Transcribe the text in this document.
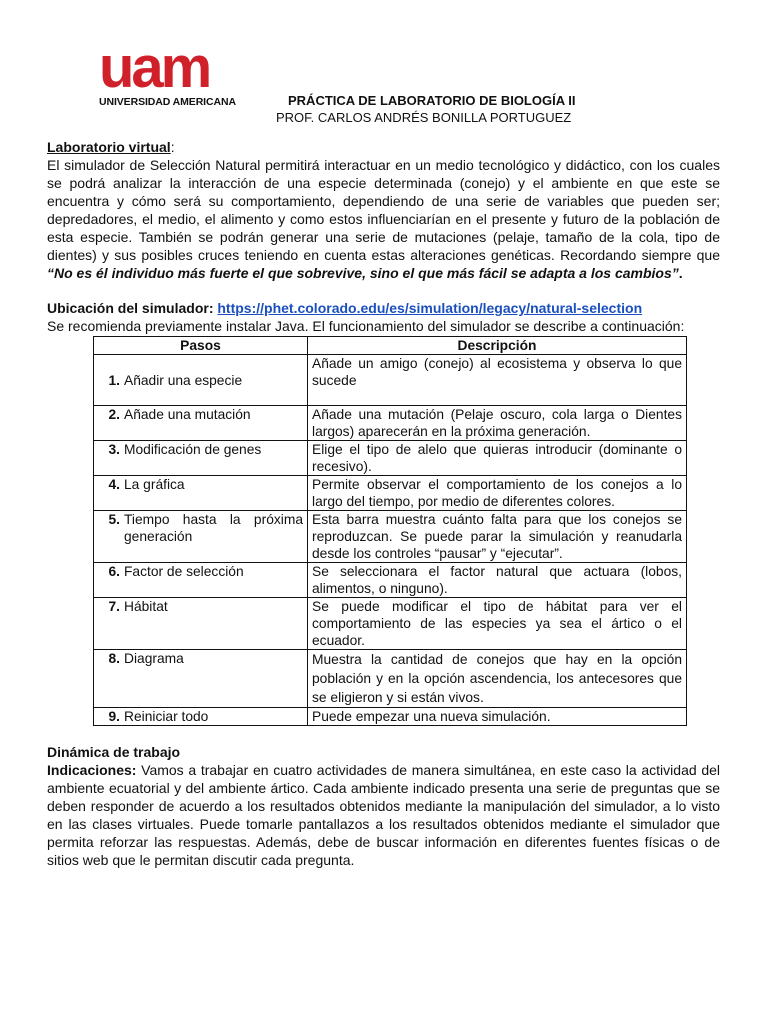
uam
UNIVERSIDAD AMERICANA	PRÁCTICA DE LABORATORIO DE BIOLOGÍA II
PROF. CARLOS ANDRÉS BONILLA PORTUGUEZ
Laboratorio virtual:
El simulador de Selección Natural permitirá interactuar en un medio tecnológico y didáctico, con los cuales se podrá analizar la interacción de una especie determinada (conejo) y el ambiente en que este se encuentra y cómo será su comportamiento, dependiendo de una serie de variables que pueden ser; depredadores, el medio, el alimento y como estos influenciarían en el presente y futuro de la población de esta especie. También se podrán generar una serie de mutaciones (pelaje, tamaño de la cola, tipo de dientes) y sus posibles cruces teniendo en cuenta estas alteraciones genéticas. Recordando siempre que “No es él individuo más fuerte el que sobrevive, sino el que más fácil se adapta a los cambios”.
Ubicación del simulador: https://phet.colorado.edu/es/simulation/legacy/natural-selection
Se recomienda previamente instalar Java. El funcionamiento del simulador se describe a continuación:
Pasos	Descripción

1. Añadir una especie	Añade un amigo (conejo) al ecosistema y observa lo que sucede

2. Añade una mutación	Añade una mutación (Pelaje oscuro, cola larga o Dientes largos) aparecerán en la próxima generación.

3. Modificación de genes	Elige el tipo de alelo que quieras introducir (dominante o recesivo).

4. La gráfica	Permite observar el comportamiento de los conejos a lo largo del tiempo, por medio de diferentes colores.

5. Tiempo hasta la próxima generación	Esta barra muestra cuánto falta para que los conejos se reproduzcan. Se puede parar la simulación y reanudarla desde los controles “pausar” y “ejecutar”.

6. Factor de selección	Se seleccionara el factor natural que actuara (lobos, alimentos, o ninguno).

7. Hábitat	Se puede modificar el tipo de hábitat para ver el comportamiento de las especies ya sea el ártico o el ecuador.

8. Diagrama	Muestra la cantidad de conejos que hay en la opción población y en la opción ascendencia, los antecesores que se eligieron y si están vivos.

9. Reiniciar todo	Puede empezar una nueva simulación.
Dinámica de trabajo
Indicaciones: Vamos a trabajar en cuatro actividades de manera simultánea, en este caso la actividad del ambiente ecuatorial y del ambiente ártico. Cada ambiente indicado presenta una serie de preguntas que se deben responder de acuerdo a los resultados obtenidos mediante la manipulación del simulador, a lo visto en las clases virtuales. Puede tomarle pantallazos a los resultados obtenidos mediante el simulador que permita reforzar las respuestas. Además, debe de buscar información en diferentes fuentes físicas o de sitios web que le permitan discutir cada pregunta.
